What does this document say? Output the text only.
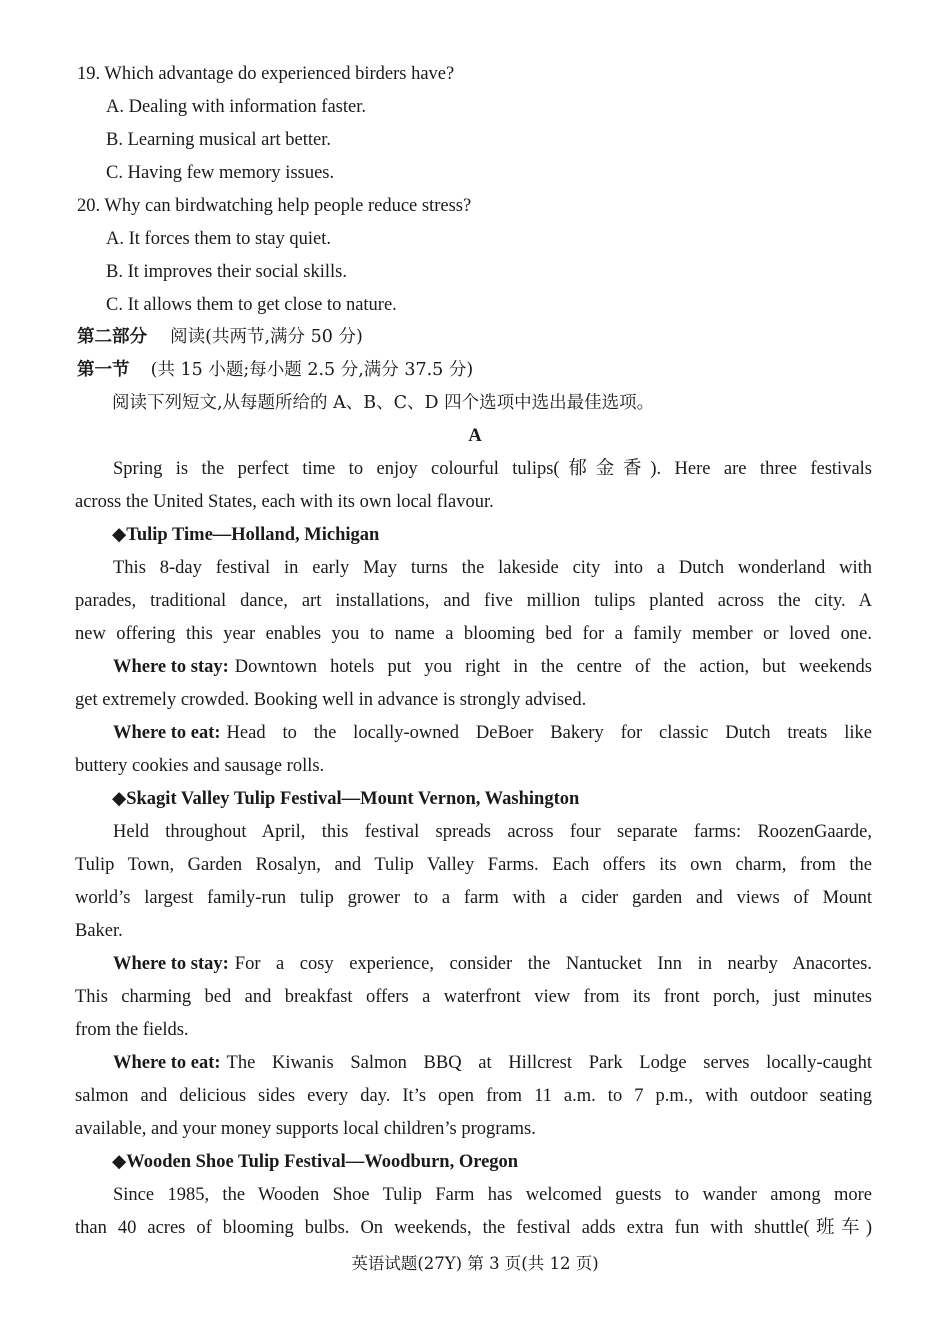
19. Which advantage do experienced birders have?
A. Dealing with information faster.
B. Learning musical art better.
C. Having few memory issues.
20. Why can birdwatching help people reduce stress?
A. It forces them to stay quiet.
B. It improves their social skills.
C. It allows them to get close to nature.
第二部分 阅读(共两节,满分 50 分)
第一节 (共 15 小题;每小题 2.5 分,满分 37.5 分)
阅读下列短文,从每题所给的 A、B、C、D 四个选项中选出最佳选项。
A
Spring is the perfect time to enjoy colourful tulips(郁金香). Here are three festivals
across the United States, each with its own local flavour.
◆Tulip Time—Holland, Michigan
This 8-day festival in early May turns the lakeside city into a Dutch wonderland with
parades, traditional dance, art installations, and five million tulips planted across the city. A
new offering this year enables you to name a blooming bed for a family member or loved one.
Where to stay: Downtown hotels put you right in the centre of the action, but weekends
get extremely crowded. Booking well in advance is strongly advised.
Where to eat: Head to the locally-owned DeBoer Bakery for classic Dutch treats like
buttery cookies and sausage rolls.
◆Skagit Valley Tulip Festival—Mount Vernon, Washington
Held throughout April, this festival spreads across four separate farms: RoozenGaarde,
Tulip Town, Garden Rosalyn, and Tulip Valley Farms. Each offers its own charm, from the
world’s largest family-run tulip grower to a farm with a cider garden and views of Mount
Baker.
Where to stay: For a cosy experience, consider the Nantucket Inn in nearby Anacortes.
This charming bed and breakfast offers a waterfront view from its front porch, just minutes
from the fields.
Where to eat: The Kiwanis Salmon BBQ at Hillcrest Park Lodge serves locally-caught
salmon and delicious sides every day. It’s open from 11 a.m. to 7 p.m., with outdoor seating
available, and your money supports local children’s programs.
◆Wooden Shoe Tulip Festival—Woodburn, Oregon
Since 1985, the Wooden Shoe Tulip Farm has welcomed guests to wander among more
than 40 acres of blooming bulbs. On weekends, the festival adds extra fun with shuttle(班车)
英语试题(27Y) 第 3 页(共 12 页)
